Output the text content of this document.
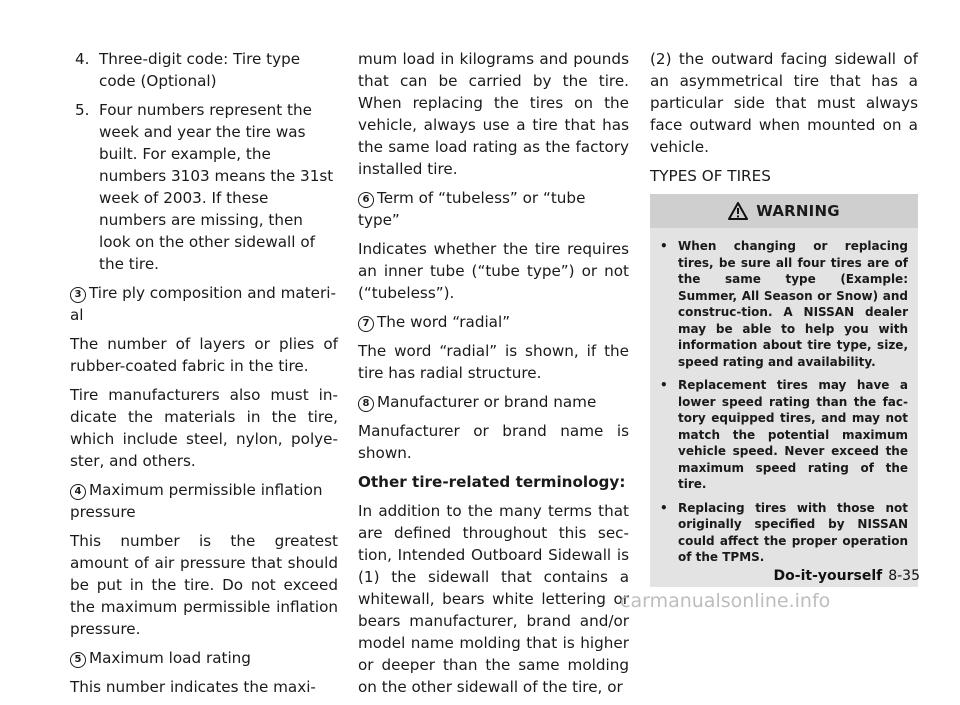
4. Three-digit code: Tire type code (Optional)
5. Four numbers represent the week and year the tire was built. For example, the numbers 3103 means the 31st week of 2003. If these numbers are missing, then look on the other sidewall of the tire.
3 Tire ply composition and materi-al

The number of layers or plies of rubber-coated fabric in the tire.

Tire manufacturers also must in-dicate the materials in the tire, which include steel, nylon, polye-ster, and others.

4 Maximum permissible inflation pressure

This number is the greatest amount of air pressure that should be put in the tire. Do not exceed the maximum permissible inflation pressure.

5 Maximum load rating

This number indicates the maxi-

mum load in kilograms and pounds that can be carried by the tire. When replacing the tires on the vehicle, always use a tire that has the same load rating as the factory installed tire.

6 Term of “tubeless” or “tube type”

Indicates whether the tire requires an inner tube (“tube type”) or not (“tubeless”).

7 The word “radial”

The word “radial” is shown, if the tire has radial structure.

8 Manufacturer or brand name

Manufacturer or brand name is shown.

Other tire-related terminology:

In addition to the many terms that are defined throughout this sec-tion, Intended Outboard Sidewall is (1) the sidewall that contains a whitewall, bears white lettering or bears manufacturer, brand and/or model name molding that is higher or deeper than the same molding on the other sidewall of the tire, or

(2) the outward facing sidewall of an asymmetrical tire that has a particular side that must always face outward when mounted on a vehicle.

TYPES OF TIRES

WARNING
• When changing or replacing tires, be sure all four tires are of the same type (Example: Summer, All Season or Snow) and construc-tion. A NISSAN dealer may be able to help you with information about tire type, size, speed rating and availability.
• Replacement tires may have a lower speed rating than the fac-tory equipped tires, and may not match the potential maximum vehicle speed. Never exceed the maximum speed rating of the tire.
• Replacing tires with those not originally specified by NISSAN could affect the proper operation of the TPMS.
Do-it-yourself 8-35
carmanualsonline.info
